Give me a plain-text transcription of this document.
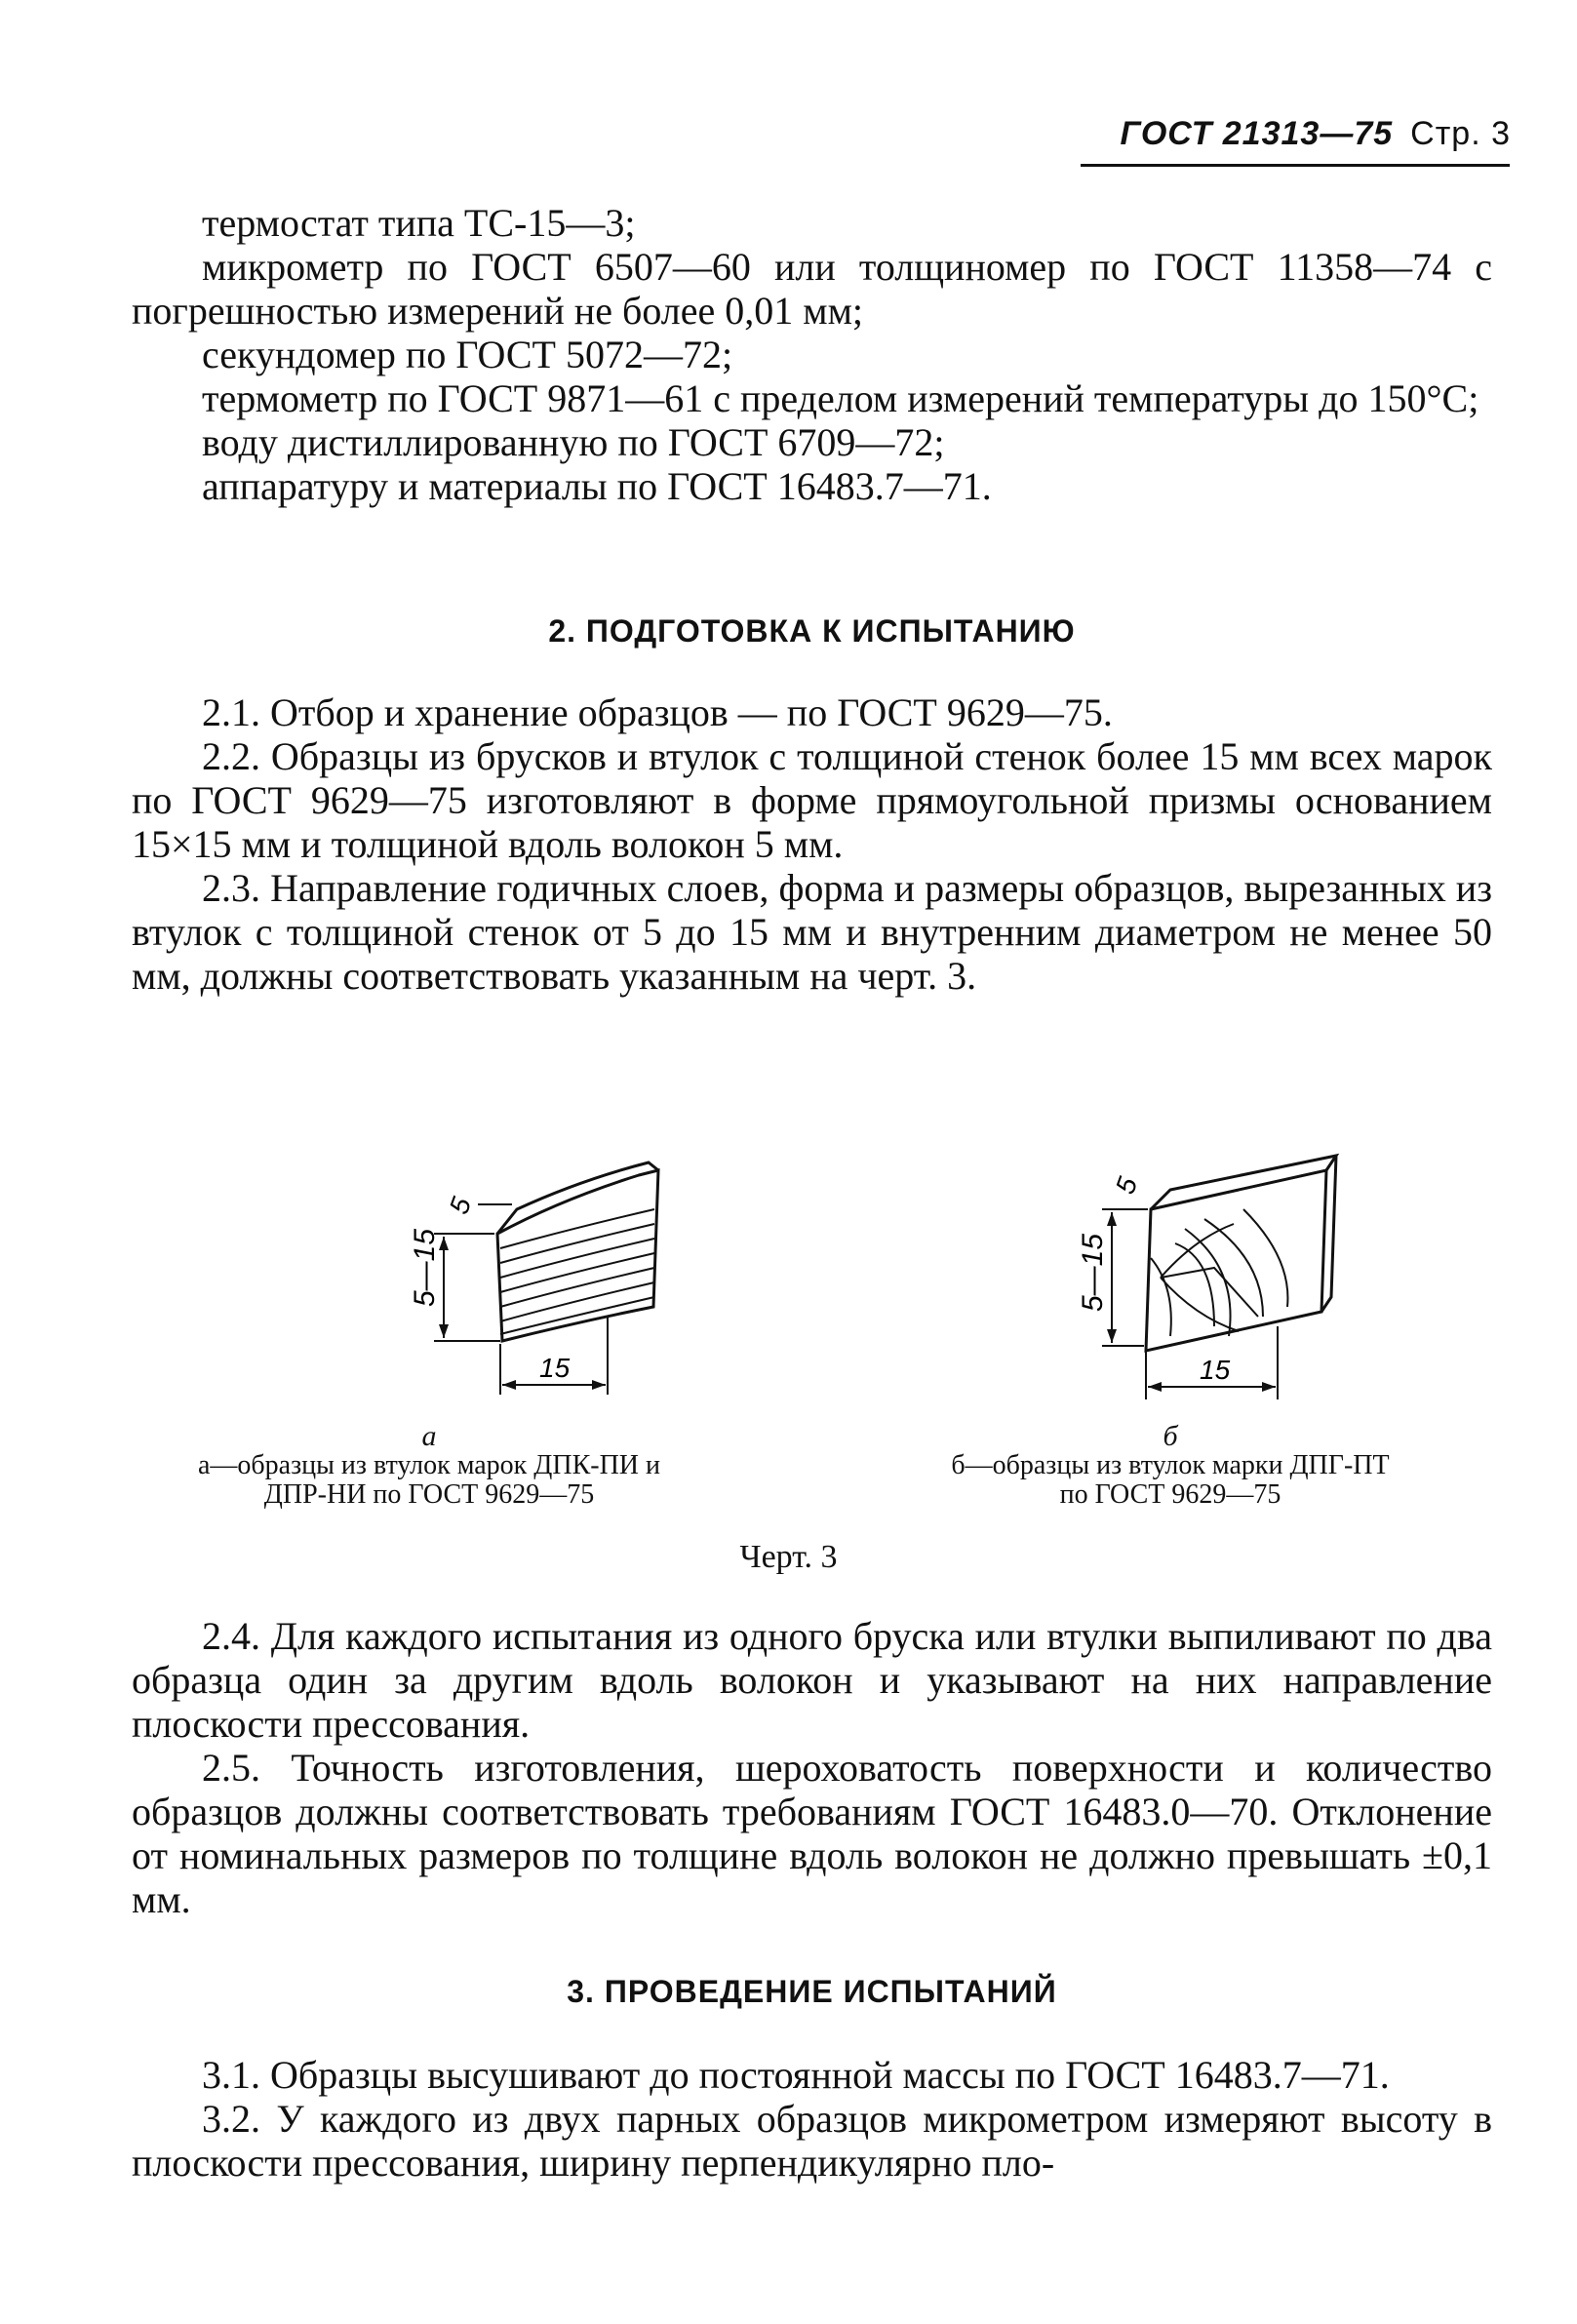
ГОСТ 21313—75 Стр. 3

термостат типа ТС-15—3;

микрометр по ГОСТ 6507—60 или толщиномер по ГОСТ 11358—74 с погрешностью измерений не более 0,01 мм;

секундомер по ГОСТ 5072—72;

термометр по ГОСТ 9871—61 с пределом измерений температуры до 150°С;

воду дистиллированную по ГОСТ 6709—72;

аппаратуру и материалы по ГОСТ 16483.7—71.

2. ПОДГОТОВКА К ИСПЫТАНИЮ

2.1. Отбор и хранение образцов — по ГОСТ 9629—75.

2.2. Образцы из брусков и втулок с толщиной стенок более 15 мм всех марок по ГОСТ 9629—75 изготовляют в форме прямоугольной призмы основанием 15×15 мм и толщиной вдоль волокон 5 мм.

2.3. Направление годичных слоев, форма и размеры образцов, вырезанных из втулок с толщиной стенок от 5 до 15 мм и внутренним диаметром не менее 50 мм, должны соответствовать указанным на черт. 3.

5—15
5
15
5—15
5
15
а
а—образцы из втулок марок ДПК-ПИ и
ДПР-НИ по ГОСТ 9629—75
б
б—образцы из втулок марки ДПГ-ПТ
по ГОСТ 9629—75
Черт. 3

2.4. Для каждого испытания из одного бруска или втулки выпиливают по два образца один за другим вдоль волокон и указывают на них направление плоскости прессования.

2.5. Точность изготовления, шероховатость поверхности и количество образцов должны соответствовать требованиям ГОСТ 16483.0—70. Отклонение от номинальных размеров по толщине вдоль волокон не должно превышать ±0,1 мм.

3. ПРОВЕДЕНИЕ ИСПЫТАНИЙ

3.1. Образцы высушивают до постоянной массы по ГОСТ 16483.7—71.

3.2. У каждого из двух парных образцов микрометром измеряют высоту в плоскости прессования, ширину перпендикулярно пло-
